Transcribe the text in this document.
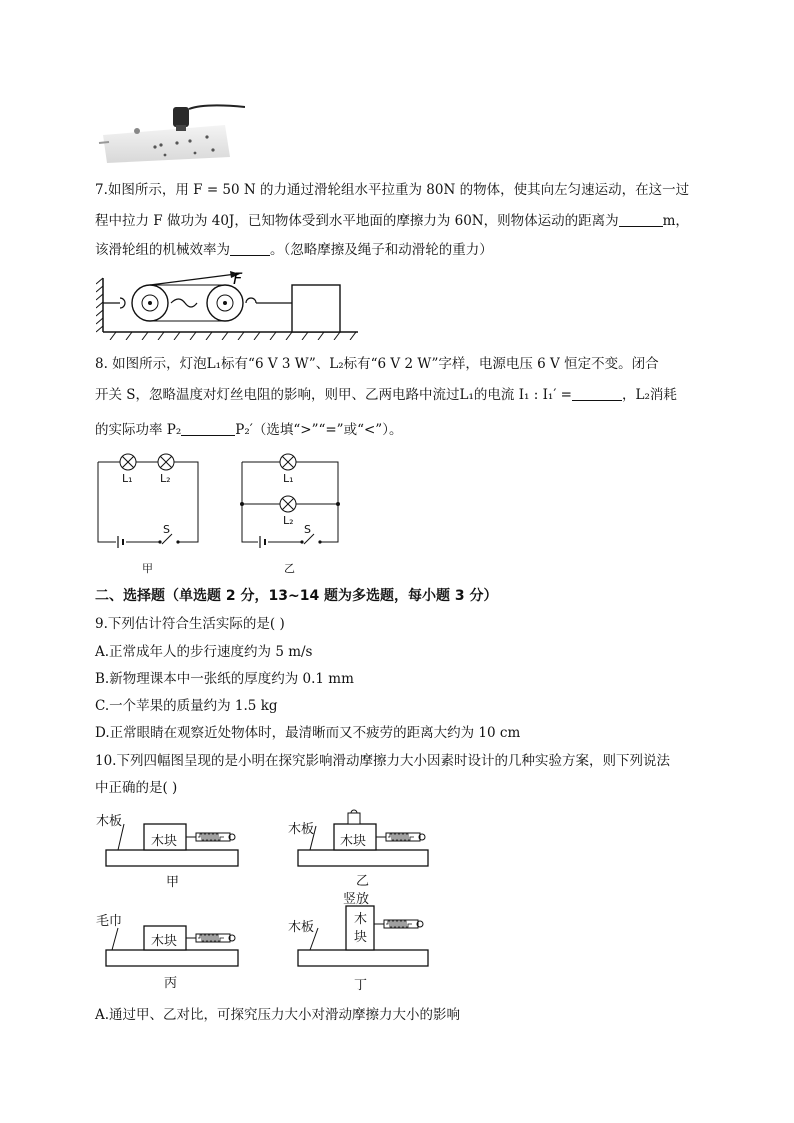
7.如图所示，用 F = 50 N 的力通过滑轮组水平拉重为 80N 的物体，使其向左匀速运动，在这一过
程中拉力 F 做功为 40J，已知物体受到水平地面的摩擦力为 60N，则物体运动的距离为	m，
该滑轮组的机械效率为	。（忽略摩擦及绳子和动滑轮的重力）
F
8. 如图所示，灯泡L₁标有“6 V 3 W”、L₂标有“6 V 2 W”字样，电源电压 6 V 恒定不变。闭合
开关 S，忽略温度对灯丝电阻的影响，则甲、乙两电路中流过L₁的电流 I₁ : I₁′ =	，L₂消耗
的实际功率 P₂	P₂′（选填“>”“=”或“<”）。
L₁ L₂
S
甲
L₁
L₂
S
乙
二、选择题（单选题 2 分，13~14 题为多选题，每小题 3 分）
9.下列估计符合生活实际的是( )
A.正常成年人的步行速度约为 5 m/s
B.新物理课本中一张纸的厚度约为 0.1 mm
C.一个苹果的质量约为 1.5 kg
D.正常眼睛在观察近处物体时，最清晰而又不疲劳的距离大约为 10 cm
10.下列四幅图呈现的是小明在探究影响滑动摩擦力大小因素时设计的几种实验方案，则下列说法
中正确的是( )
木板
木块
甲
木板
木块
乙
毛巾
木块
丙
竖放
木板
木
块
丁
A.通过甲、乙对比，可探究压力大小对滑动摩擦力大小的影响
